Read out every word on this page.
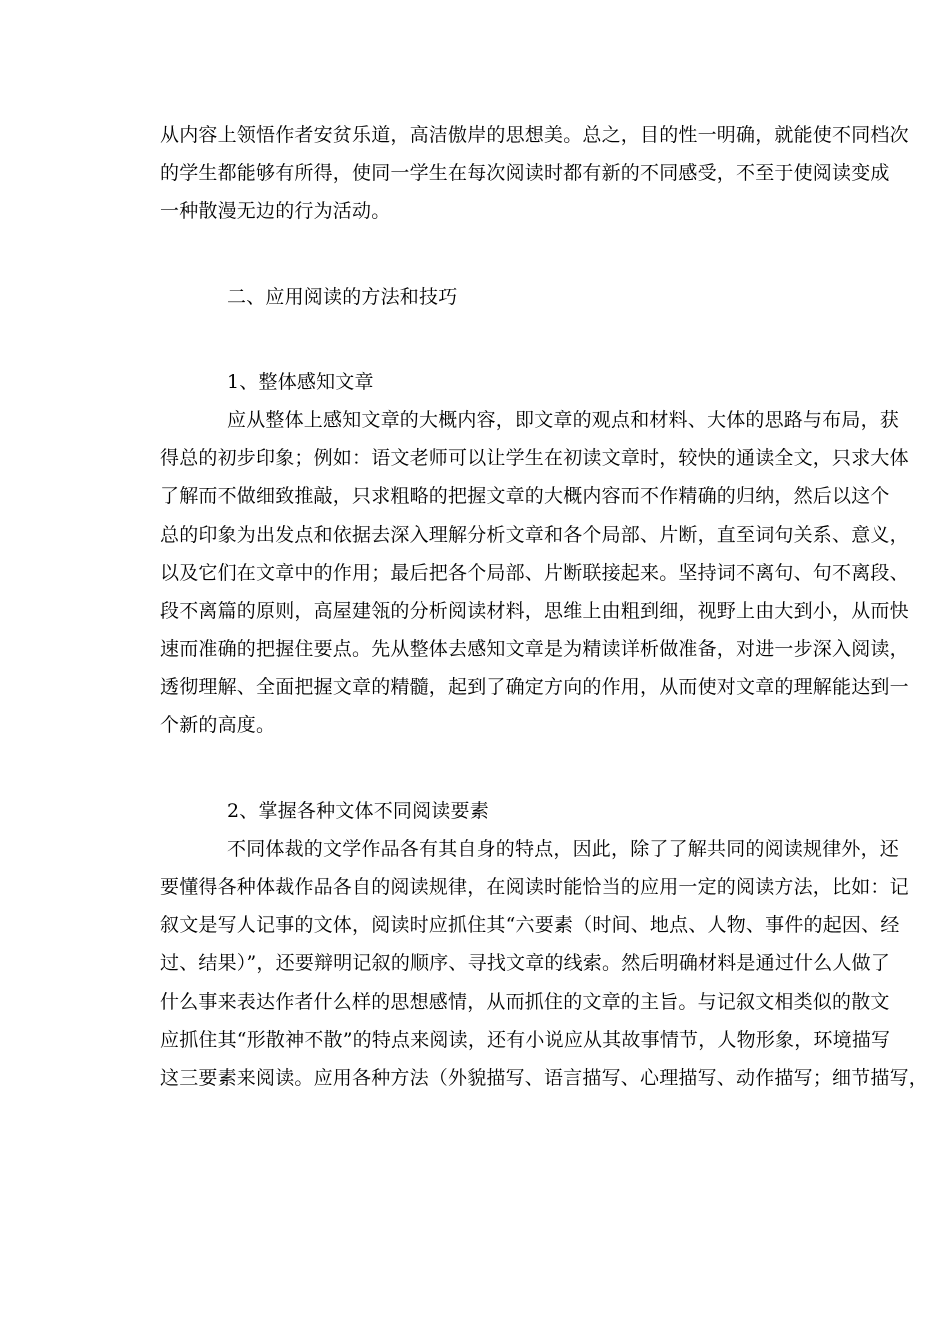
从内容上领悟作者安贫乐道，高洁傲岸的思想美。总之，目的性一明确，就能使不同档次
的学生都能够有所得，使同一学生在每次阅读时都有新的不同感受，不至于使阅读变成
一种散漫无边的行为活动。
二、应用阅读的方法和技巧
1、整体感知文章
应从整体上感知文章的大概内容，即文章的观点和材料、大体的思路与布局，获
得总的初步印象；例如：语文老师可以让学生在初读文章时，较快的通读全文，只求大体
了解而不做细致推敲，只求粗略的把握文章的大概内容而不作精确的归纳，然后以这个
总的印象为出发点和依据去深入理解分析文章和各个局部、片断，直至词句关系、意义，
以及它们在文章中的作用；最后把各个局部、片断联接起来。坚持词不离句、句不离段、
段不离篇的原则，高屋建瓴的分析阅读材料，思维上由粗到细，视野上由大到小，从而快
速而准确的把握住要点。先从整体去感知文章是为精读详析做准备，对进一步深入阅读，
透彻理解、全面把握文章的精髓，起到了确定方向的作用，从而使对文章的理解能达到一
个新的高度。
2、掌握各种文体不同阅读要素
不同体裁的文学作品各有其自身的特点，因此，除了了解共同的阅读规律外，还
要懂得各种体裁作品各自的阅读规律，在阅读时能恰当的应用一定的阅读方法，比如：记
叙文是写人记事的文体，阅读时应抓住其“六要素（时间、地点、人物、事件的起因、经
过、结果）”，还要辩明记叙的顺序、寻找文章的线索。然后明确材料是通过什么人做了
什么事来表达作者什么样的思想感情，从而抓住的文章的主旨。与记叙文相类似的散文
应抓住其“形散神不散”的特点来阅读，还有小说应从其故事情节，人物形象，环境描写
这三要素来阅读。应用各种方法（外貌描写、语言描写、心理描写、动作描写；细节描写，
